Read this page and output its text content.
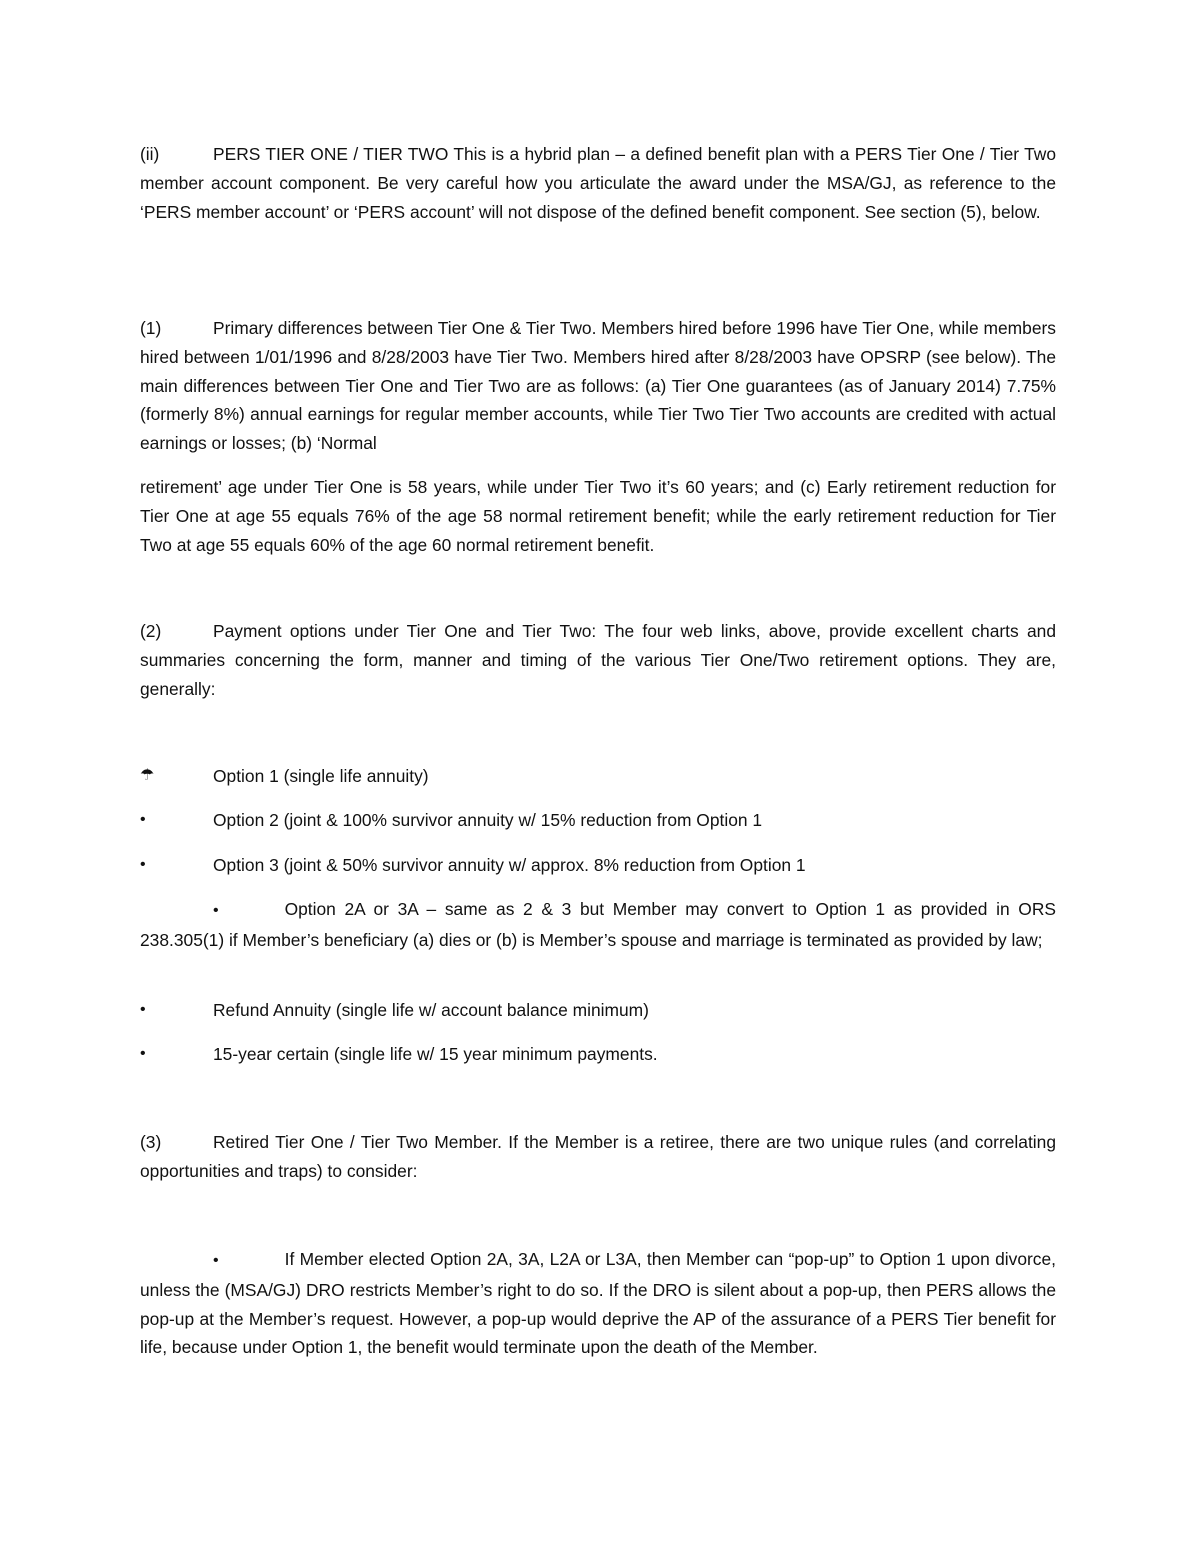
(ii)	PERS TIER ONE / TIER TWO This is a hybrid plan – a defined benefit plan with a PERS Tier One / Tier Two member account component. Be very careful how you articulate the award under the MSA/GJ, as reference to the ‘PERS member account’ or ‘PERS account’ will not dispose of the defined benefit component. See section (5), below.

(1)	Primary differences between Tier One & Tier Two. Members hired before 1996 have Tier One, while members hired between 1/01/1996 and 8/28/2003 have Tier Two. Members hired after 8/28/2003 have OPSRP (see below). The main differences between Tier One and Tier Two are as follows: (a) Tier One guarantees (as of January 2014) 7.75% (formerly 8%) annual earnings for regular member accounts, while Tier Two Tier Two accounts are credited with actual earnings or losses; (b) ‘Normal

retirement’ age under Tier One is 58 years, while under Tier Two it’s 60 years; and (c) Early retirement reduction for Tier One at age 55 equals 76% of the age 58 normal retirement benefit; while the early retirement reduction for Tier Two at age 55 equals 60% of the age 60 normal retirement benefit.

(2)	Payment options under Tier One and Tier Two: The four web links, above, provide excellent charts and summaries concerning the form, manner and timing of the various Tier One/Two retirement options. They are, generally:

☂	Option 1 (single life annuity)
•	Option 2 (joint & 100% survivor annuity w/ 15% reduction from Option 1
•	Option 3 (joint & 50% survivor annuity w/ approx. 8% reduction from Option 1
•	Option 2A or 3A – same as 2 & 3 but Member may convert to Option 1 as provided in ORS 238.305(1) if Member’s beneficiary (a) dies or (b) is Member’s spouse and marriage is terminated as provided by law;
•	Refund Annuity (single life w/ account balance minimum)
•	15-year certain (single life w/ 15 year minimum payments.

(3)	Retired Tier One / Tier Two Member. If the Member is a retiree, there are two unique rules (and correlating opportunities and traps) to consider:

•	If Member elected Option 2A, 3A, L2A or L3A, then Member can “pop-up” to Option 1 upon divorce, unless the (MSA/GJ) DRO restricts Member’s right to do so. If the DRO is silent about a pop-up, then PERS allows the pop-up at the Member’s request. However, a pop-up would deprive the AP of the assurance of a PERS Tier benefit for life, because under Option 1, the benefit would terminate upon the death of the Member.
